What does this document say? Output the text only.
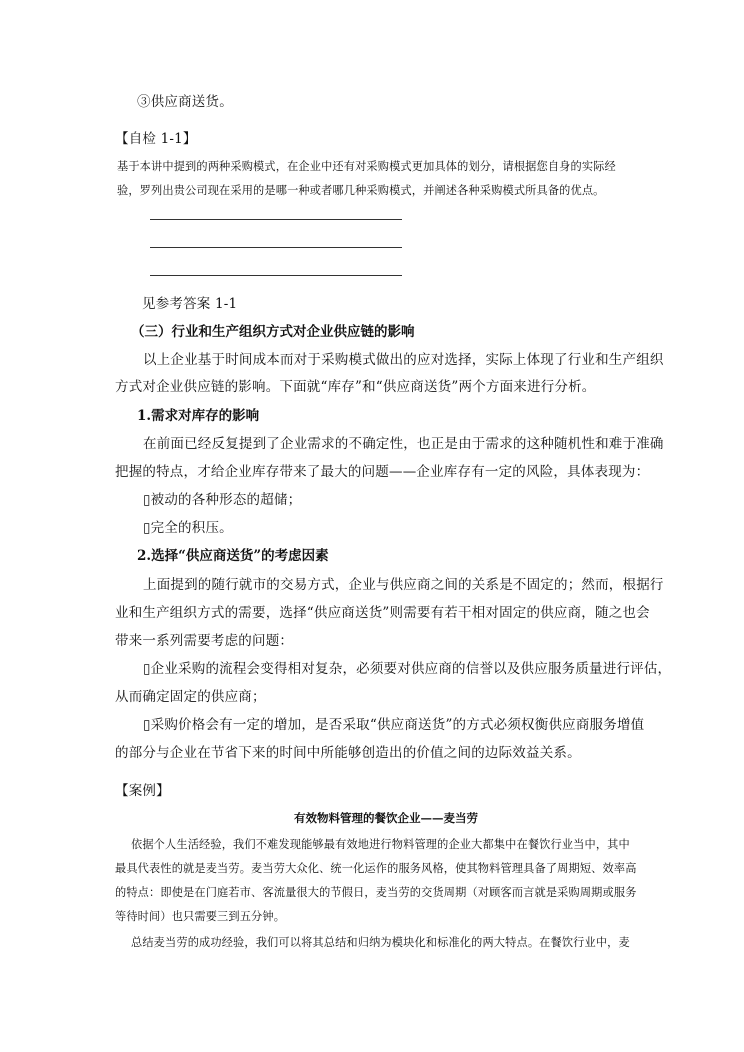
③供应商送货。
【自检 1-1】
基于本讲中提到的两种采购模式，在企业中还有对采购模式更加具体的划分，请根据您自身的实际经
验，罗列出贵公司现在采用的是哪一种或者哪几种采购模式，并阐述各种采购模式所具备的优点。
见参考答案 1-1
（三）行业和生产组织方式对企业供应链的影响
以上企业基于时间成本而对于采购模式做出的应对选择，实际上体现了行业和生产组织
方式对企业供应链的影响。下面就“库存”和“供应商送货”两个方面来进行分析。
1.需求对库存的影响
在前面已经反复提到了企业需求的不确定性，也正是由于需求的这种随机性和难于准确
把握的特点，才给企业库存带来了最大的问题——企业库存有一定的风险，具体表现为：
▯被动的各种形态的超储；
▯完全的积压。
2.选择“供应商送货”的考虑因素
上面提到的随行就市的交易方式，企业与供应商之间的关系是不固定的；然而，根据行
业和生产组织方式的需要，选择“供应商送货”则需要有若干相对固定的供应商，随之也会
带来一系列需要考虑的问题：
▯企业采购的流程会变得相对复杂，必须要对供应商的信誉以及供应服务质量进行评估，
从而确定固定的供应商；
▯采购价格会有一定的增加，是否采取“供应商送货”的方式必须权衡供应商服务增值
的部分与企业在节省下来的时间中所能够创造出的价值之间的边际效益关系。
【案例】
有效物料管理的餐饮企业——麦当劳
依据个人生活经验，我们不难发现能够最有效地进行物料管理的企业大都集中在餐饮行业当中，其中
最具代表性的就是麦当劳。麦当劳大众化、统一化运作的服务风格，使其物料管理具备了周期短、效率高
的特点：即使是在门庭若市、客流量很大的节假日，麦当劳的交货周期（对顾客而言就是采购周期或服务
等待时间）也只需要三到五分钟。
总结麦当劳的成功经验，我们可以将其总结和归纳为模块化和标准化的两大特点。在餐饮行业中，麦
